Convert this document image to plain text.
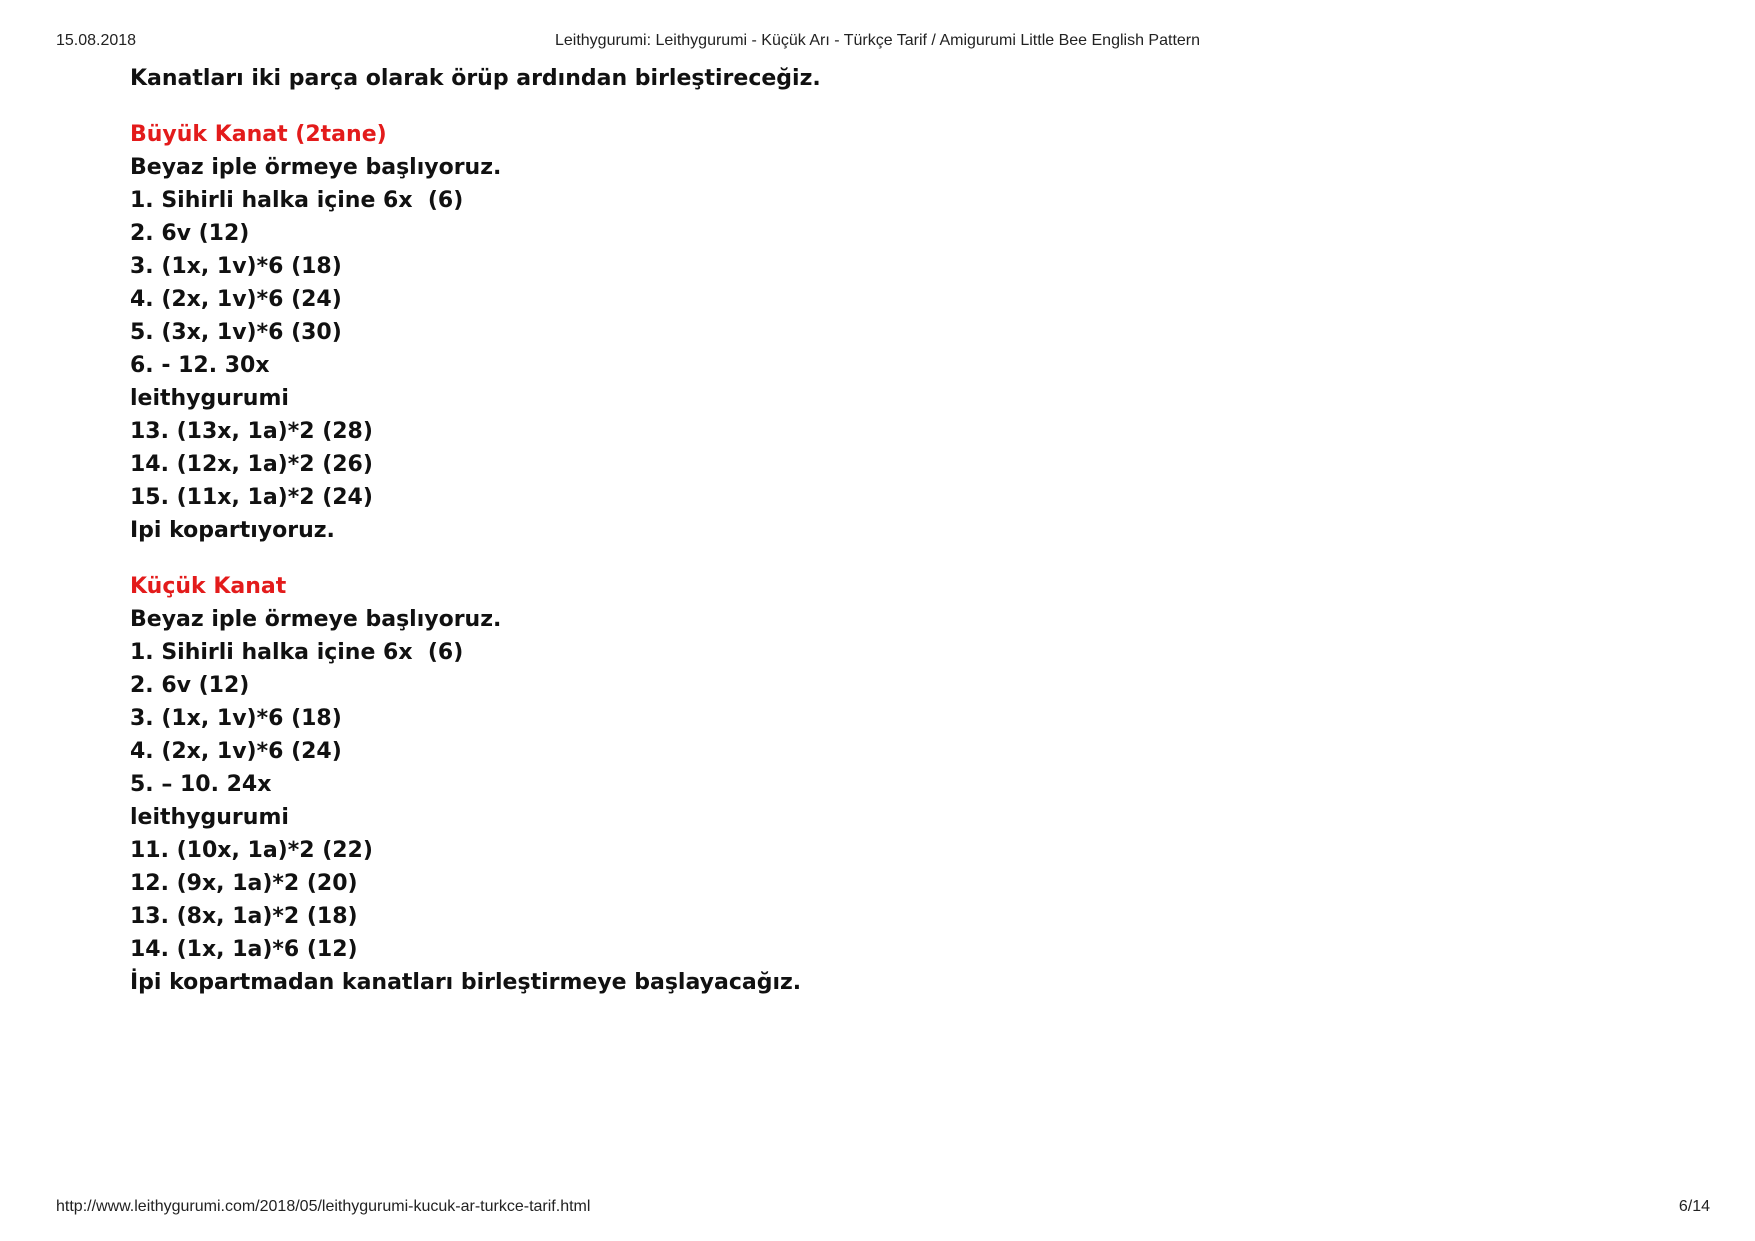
15.08.2018	Leithygurumi: Leithygurumi - Küçük Arı - Türkçe Tarif / Amigurumi Little Bee English Pattern
Kanatları iki parça olarak örüp ardından birleştireceğiz.
Büyük Kanat (2tane)
Beyaz iple örmeye başlıyoruz.
1. Sihirli halka içine 6x  (6)
2. 6v (12)
3. (1x, 1v)*6 (18)
4. (2x, 1v)*6 (24)
5. (3x, 1v)*6 (30)
6. - 12. 30x
leithygurumi
13. (13x, 1a)*2 (28)
14. (12x, 1a)*2 (26)
15. (11x, 1a)*2 (24)
Ipi kopartıyoruz.
Küçük Kanat
Beyaz iple örmeye başlıyoruz.
1. Sihirli halka içine 6x  (6)
2. 6v (12)
3. (1x, 1v)*6 (18)
4. (2x, 1v)*6 (24)
5. – 10. 24x
leithygurumi
11. (10x, 1a)*2 (22)
12. (9x, 1a)*2 (20)
13. (8x, 1a)*2 (18)
14. (1x, 1a)*6 (12)
İpi kopartmadan kanatları birleştirmeye başlayacağız.
http://www.leithygurumi.com/2018/05/leithygurumi-kucuk-ar-turkce-tarif.html	6/14
